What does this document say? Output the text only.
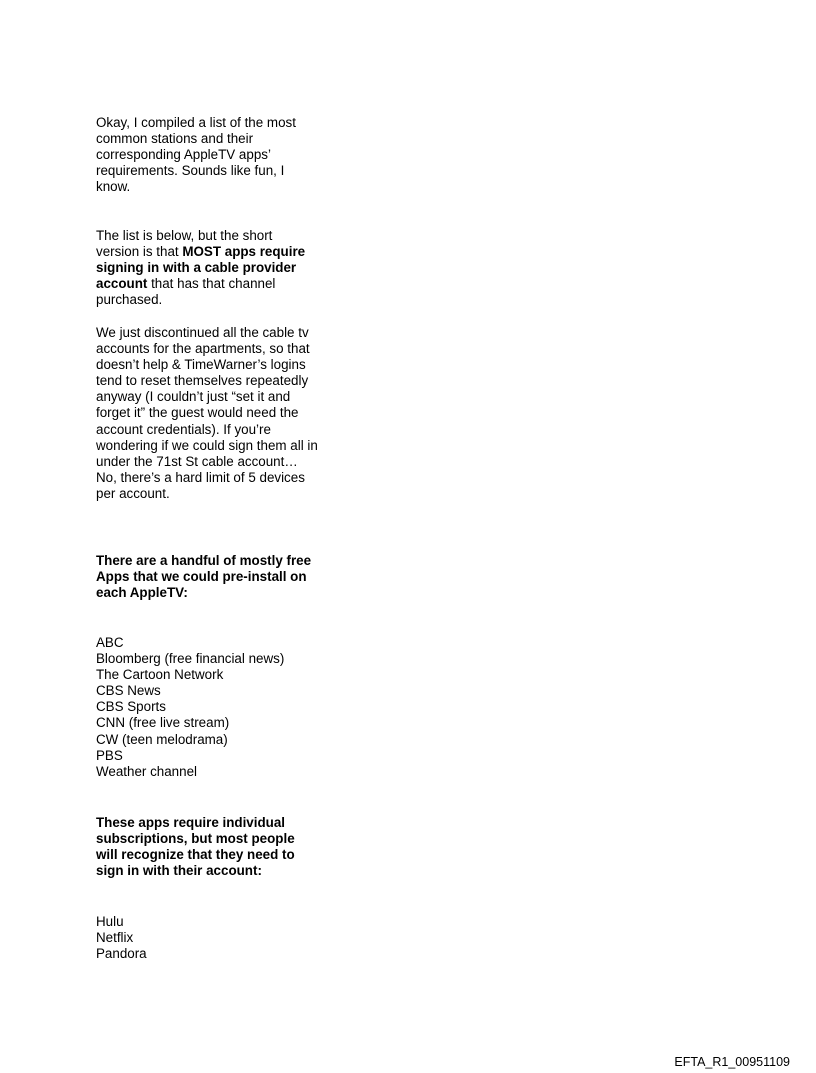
Okay, I compiled a list of the most common stations and their corresponding AppleTV apps’ requirements. Sounds like fun, I know.

The list is below, but the short version is that MOST apps require signing in with a cable provider account that has that channel purchased.

We just discontinued all the cable tv accounts for the apartments, so that doesn’t help & TimeWarner’s logins tend to reset themselves repeatedly anyway (I couldn’t just “set it and forget it” the guest would need the account credentials). If you’re wondering if we could sign them all in under the 71st St cable account… No, there’s a hard limit of 5 devices per account.

There are a handful of mostly free Apps that we could pre-install on each AppleTV:

ABC
Bloomberg (free financial news)
The Cartoon Network
CBS News
CBS Sports
CNN (free live stream)
CW (teen melodrama)
PBS
Weather channel

These apps require individual subscriptions, but most people will recognize that they need to sign in with their account:

Hulu
Netflix
Pandora
EFTA_R1_00951109
